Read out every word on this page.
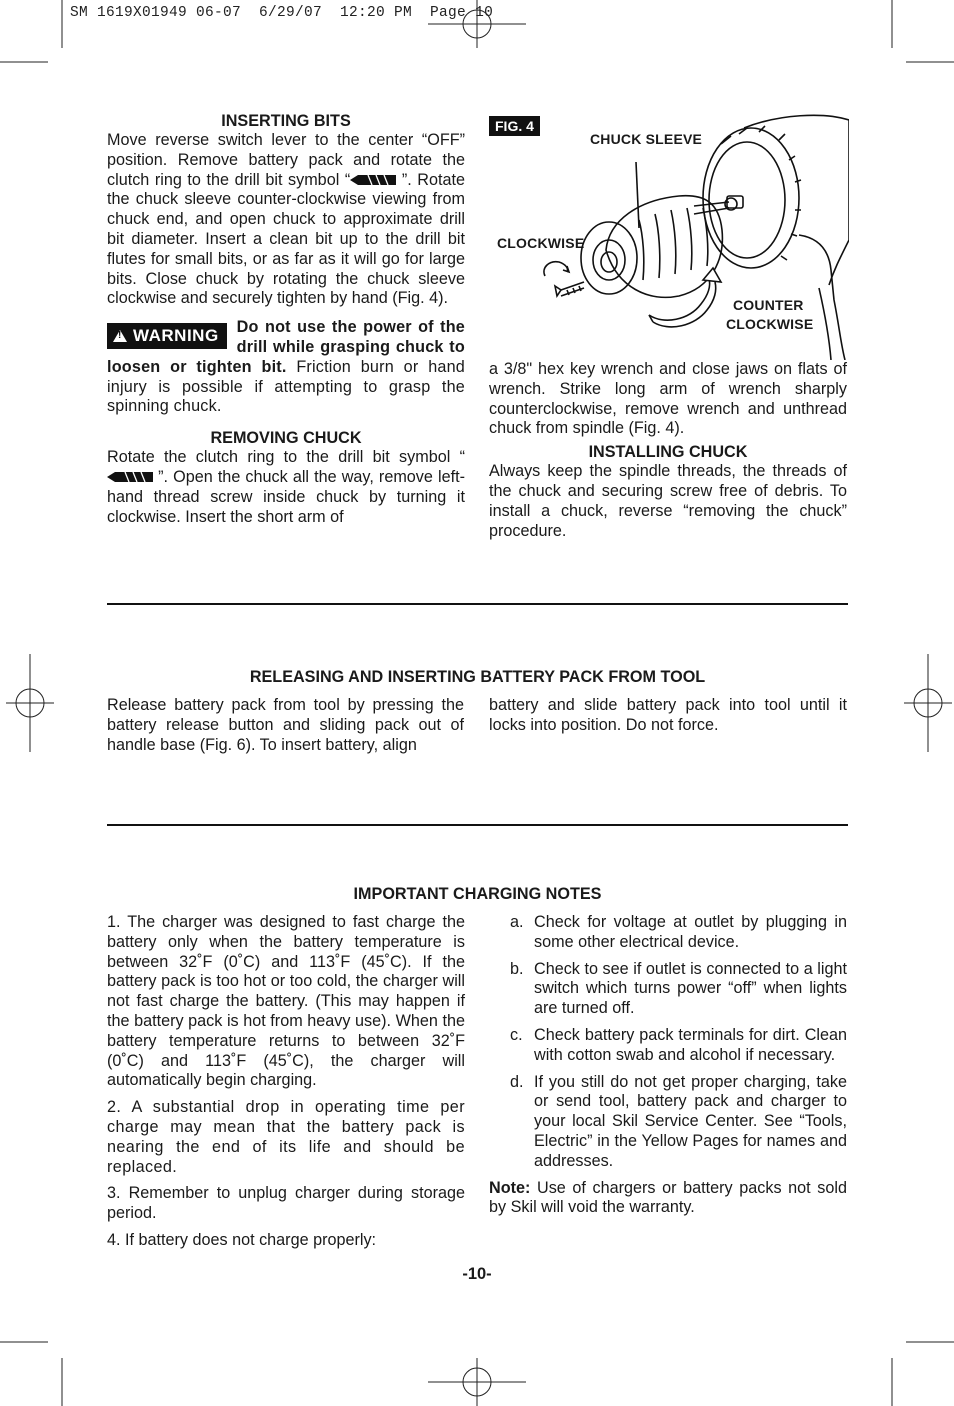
SM 1619X01949 06-07  6/29/07  12:20 PM  Page 10
INSERTING BITS

Move reverse switch lever to the center “OFF” position. Remove battery pack and rotate the clutch ring to the drill bit symbol “	”. Rotate the chuck sleeve counter-clockwise viewing from chuck end, and open chuck to approximate drill bit diameter. Insert a clean bit up to the drill bit flutes for small bits, or as far as it will go for large bits. Close chuck by rotating the chuck sleeve clockwise and securely tighten by hand (Fig. 4).

!WARNING	Do not use the power of the drill while grasping chuck to loosen or tighten bit. Friction burn or hand injury is possible if attempting to grasp the spinning chuck.

REMOVING CHUCK

Rotate the clutch ring to the drill bit symbol “ ”. Open the chuck all the way, remove left-hand thread screw inside chuck by turning it clockwise. Insert the short arm of

FIG. 4
CHUCK SLEEVE
CLOCKWISE
COUNTER
CLOCKWISE

a 3/8" hex key wrench and close jaws on flats of wrench. Strike long arm of wrench sharply counterclockwise, remove wrench and unthread chuck from spindle (Fig. 4).

INSTALLING CHUCK

Always keep the spindle threads, the threads of the chuck and securing screw free of debris. To install a chuck, reverse “removing the chuck” procedure.

RELEASING AND INSERTING BATTERY PACK FROM TOOL

Release battery pack from tool by pressing the battery release button and sliding pack out of handle base (Fig. 6). To insert battery, align

battery and slide battery pack into tool until it locks into position. Do not force.

IMPORTANT CHARGING NOTES

1. The charger was designed to fast charge the battery only when the battery temperature is between 32˚F (0˚C) and 113˚F (45˚C). If the battery pack is too hot or too cold, the charger will not fast charge the battery. (This may happen if the battery pack is hot from heavy use). When the battery temperature returns to between 32˚F (0˚C) and 113˚F (45˚C), the charger will automatically begin charging.

2. A substantial drop in operating time per charge may mean that the battery pack is nearing the end of its life and should be replaced.

3. Remember to unplug charger during storage period.

4. If battery does not charge properly:

a. Check for voltage at outlet by plugging in some other electrical device.
b. Check to see if outlet is connected to a light switch which turns power “off” when lights are turned off.
c. Check battery pack terminals for dirt. Clean with cotton swab and alcohol if necessary.
d. If you still do not get proper charging, take or send tool, battery pack and charger to your local Skil Service Center. See “Tools, Electric” in the Yellow Pages for names and addresses.

Note: Use of chargers or battery packs not sold by Skil will void the warranty.

-10-
